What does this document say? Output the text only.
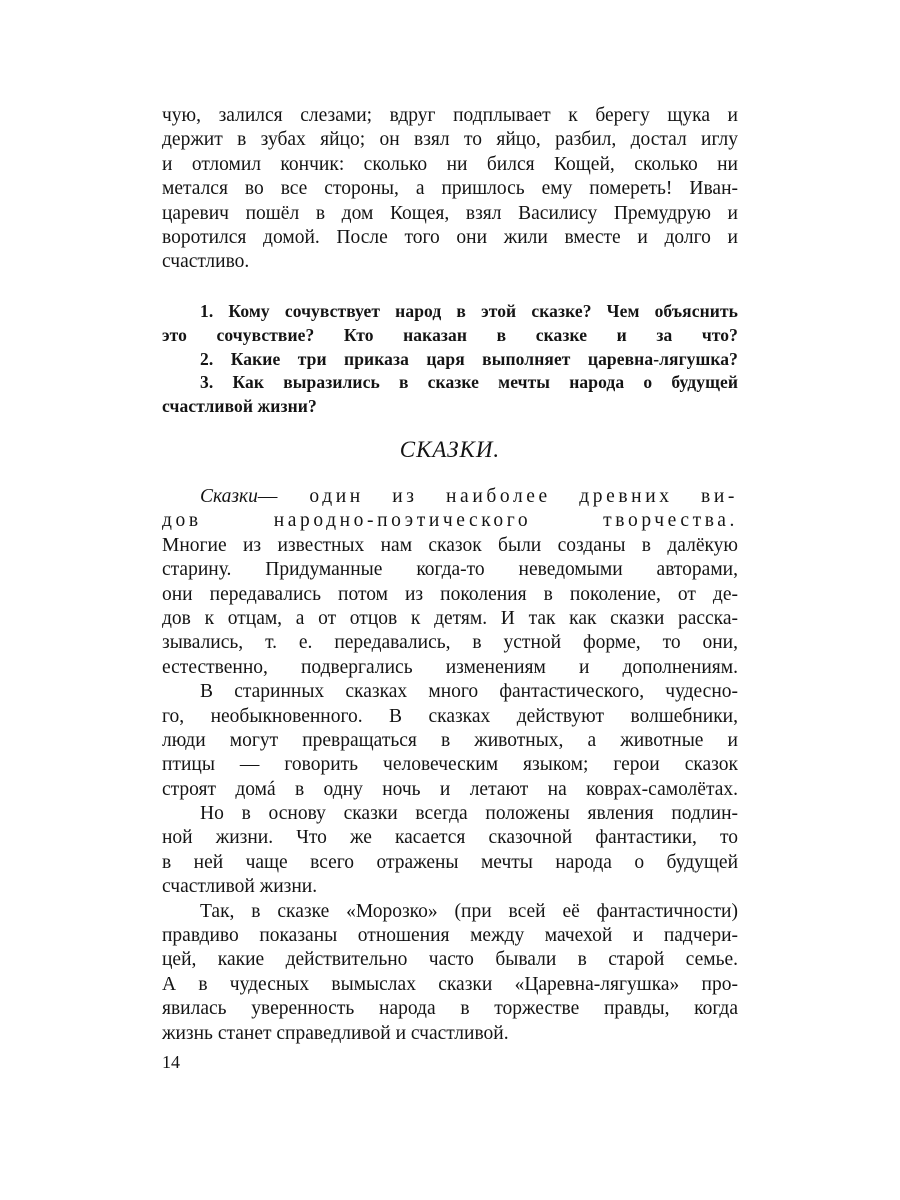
чую, залился слезами; вдруг подплывает к берегу щука и
держит в зубах яйцо; он взял то яйцо, разбил, достал иглу
и отломил кончик: сколько ни бился Кощей, сколько ни
метался во все стороны, а пришлось ему помереть! Иван-
царевич пошёл в дом Кощея, взял Василису Премудрую и
воротился домой. После того они жили вместе и долго и
счастливо.
1. Кому сочувствует народ в этой сказке? Чем объяснить
это сочувствие? Кто наказан в сказке и за что?
2. Какие три приказа царя выполняет царевна-лягушка?
3. Как выразились в сказке мечты народа о будущей
счастливой жизни?
СКАЗКИ.
Сказки— один из наиболее древних ви-
дов народно-поэтического творчества.
Многие из известных нам сказок были созданы в далёкую
старину. Придуманные когда-то неведомыми авторами,
они передавались потом из поколения в поколение, от де-
дов к отцам, а от отцов к детям. И так как сказки расска-
зывались, т. е. передавались, в устной форме, то они,
естественно, подвергались изменениям и дополнениям.
В старинных сказках много фантастического, чудесно-
го, необыкновенного. В сказках действуют волшебники,
люди могут превращаться в животных, а животные и
птицы — говорить человеческим языком; герои сказок
строят домá в одну ночь и летают на коврах-самолётах.
Но в основу сказки всегда положены явления подлин-
ной жизни. Что же касается сказочной фантастики, то
в ней чаще всего отражены мечты народа о будущей
счастливой жизни.
Так, в сказке «Морозко» (при всей её фантастичности)
правдиво показаны отношения между мачехой и падчери-
цей, какие действительно часто бывали в старой семье.
А в чудесных вымыслах сказки «Царевна-лягушка» про-
явилась уверенность народа в торжестве правды, когда
жизнь станет справедливой и счастливой.
14
